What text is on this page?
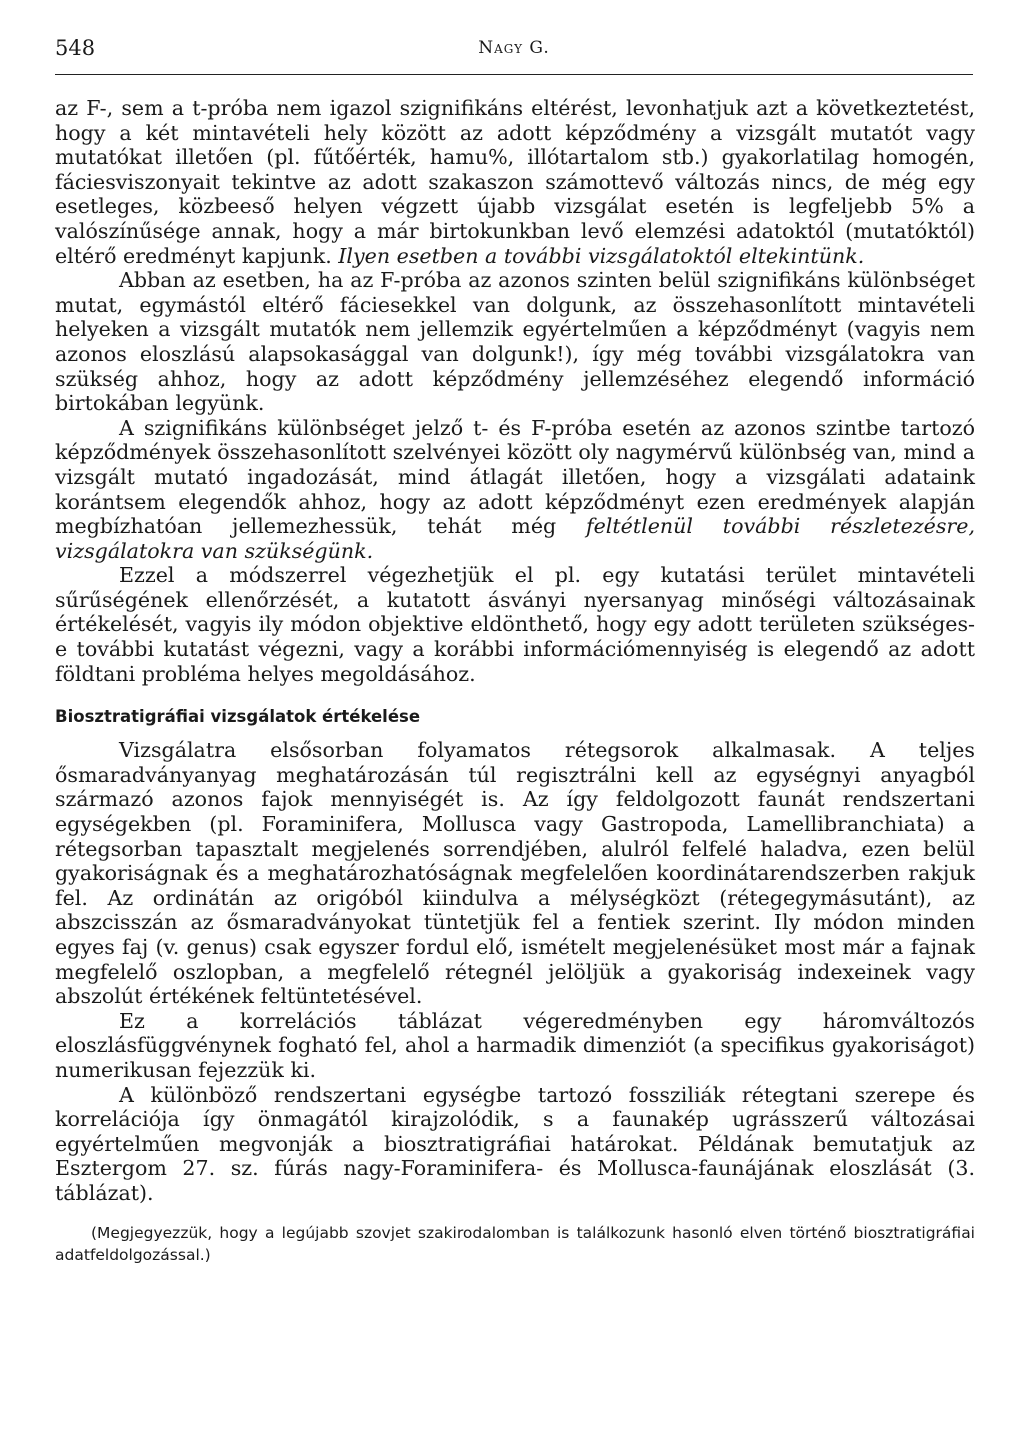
548	Nagy G.

az F-, sem a t-próba nem igazol szignifikáns eltérést, levonhatjuk azt a következtetést, hogy a két mintavételi hely között az adott képződmény a vizsgált mutatót vagy mutatókat illetően (pl. fűtőérték, hamu%, illótartalom stb.) gyakorlatilag homogén, fáciesviszonyait tekintve az adott szakaszon számottevő változás nincs, de még egy esetleges, közbeeső helyen végzett újabb vizsgálat esetén is legfeljebb 5% a valószínűsége annak, hogy a már birtokunkban levő elemzési adatoktól (mutatóktól) eltérő eredményt kapjunk. Ilyen esetben a további vizsgálatoktól eltekintünk.

Abban az esetben, ha az F-próba az azonos szinten belül szignifikáns különbséget mutat, egymástól eltérő fáciesekkel van dolgunk, az összehasonlított mintavételi helyeken a vizsgált mutatók nem jellemzik egyértelműen a képződményt (vagyis nem azonos eloszlású alapsokasággal van dolgunk!), így még további vizsgálatokra van szükség ahhoz, hogy az adott képződmény jellemzéséhez elegendő információ birtokában legyünk.

A szignifikáns különbséget jelző t- és F-próba esetén az azonos szintbe tartozó képződmények összehasonlított szelvényei között oly nagymérvű különbség van, mind a vizsgált mutató ingadozását, mind átlagát illetően, hogy a vizsgálati adataink korántsem elegendők ahhoz, hogy az adott képződményt ezen eredmények alapján megbízhatóan jellemezhessük, tehát még feltétlenül további részletezésre, vizsgálatokra van szükségünk.

Ezzel a módszerrel végezhetjük el pl. egy kutatási terület mintavételi sűrűségének ellenőrzését, a kutatott ásványi nyersanyag minőségi változásainak értékelését, vagyis ily módon objektive eldönthető, hogy egy adott területen szükséges-e további kutatást végezni, vagy a korábbi információmennyiség is elegendő az adott földtani probléma helyes megoldásához.

Biosztratigráfiai vizsgálatok értékelése

Vizsgálatra elsősorban folyamatos rétegsorok alkalmasak. A teljes ősmaradványanyag meghatározásán túl regisztrálni kell az egységnyi anyagból származó azonos fajok mennyiségét is. Az így feldolgozott faunát rendszertani egységekben (pl. Foraminifera, Mollusca vagy Gastropoda, Lamellibranchiata) a rétegsorban tapasztalt megjelenés sorrendjében, alulról felfelé haladva, ezen belül gyakoriságnak és a meghatározhatóságnak megfelelően koordinátarendszerben rakjuk fel. Az ordinátán az origóból kiindulva a mélységközt (rétegegymásutánt), az abszcisszán az ősmaradványokat tüntetjük fel a fentiek szerint. Ily módon minden egyes faj (v. genus) csak egyszer fordul elő, ismételt megjelenésüket most már a fajnak megfelelő oszlopban, a megfelelő rétegnél jelöljük a gyakoriság indexeinek vagy abszolút értékének feltüntetésével.

Ez a korrelációs táblázat végeredményben egy háromváltozós eloszlásfüggvénynek fogható fel, ahol a harmadik dimenziót (a specifikus gyakoriságot) numerikusan fejezzük ki.

A különböző rendszertani egységbe tartozó fossziliák rétegtani szerepe és korrelációja így önmagától kirajzolódik, s a faunakép ugrásszerű változásai egyértelműen megvonják a biosztratigráfiai határokat. Példának bemutatjuk az Esztergom 27. sz. fúrás nagy-Foraminifera- és Mollusca-faunájának eloszlását (3. táblázat).

(Megjegyezzük, hogy a legújabb szovjet szakirodalomban is találkozunk hasonló elven történő biosztratigráfiai adatfeldolgozással.)
